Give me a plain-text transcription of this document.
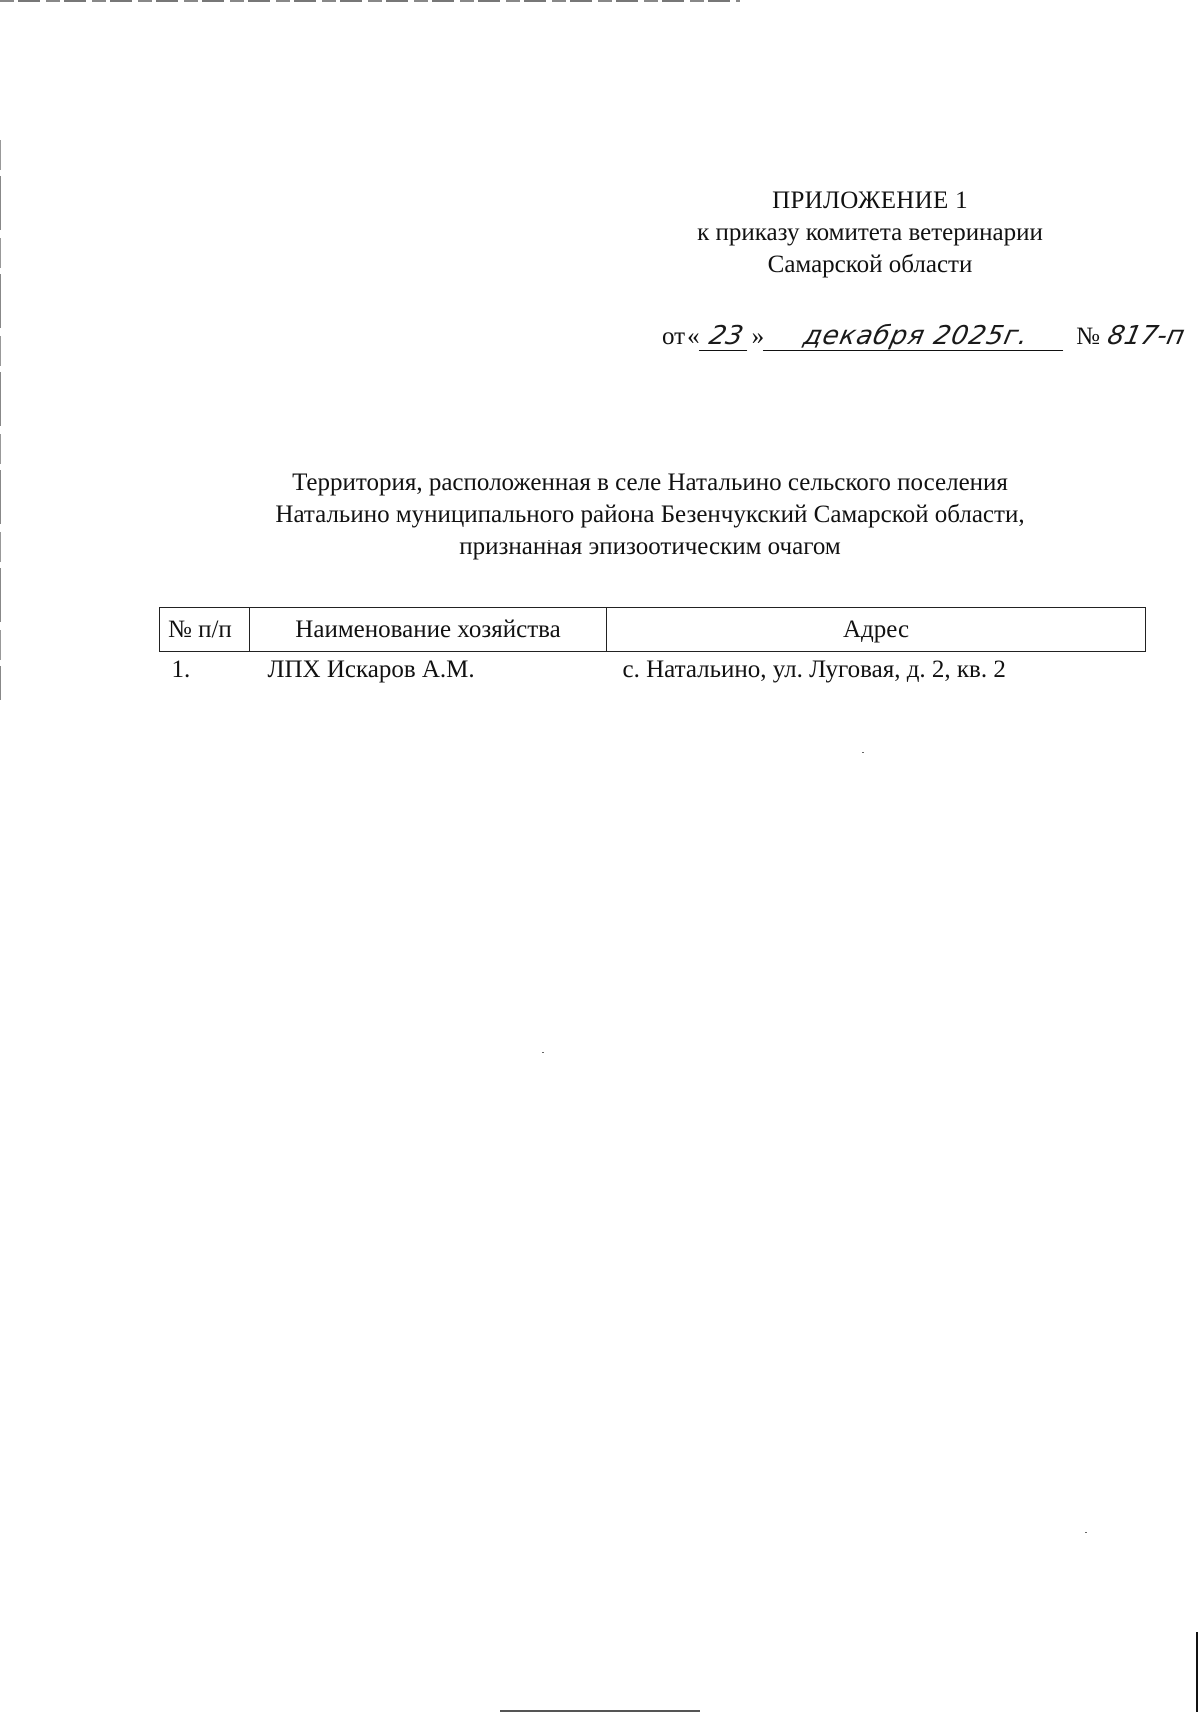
ПРИЛОЖЕНИЕ 1
к приказу комитета ветеринарии
Самарской области
от « 23 »	декабря 2025г.	№ 817-п
Территория, расположенная в селе Натальино сельского поселения
Натальино муниципального района Безенчукский Самарской области,
признанная эпизоотическим очагом
№ п/п	Наименование хозяйства	Адрес
1.	ЛПХ Искаров А.М.	с. Натальино, ул. Луговая, д. 2, кв. 2
